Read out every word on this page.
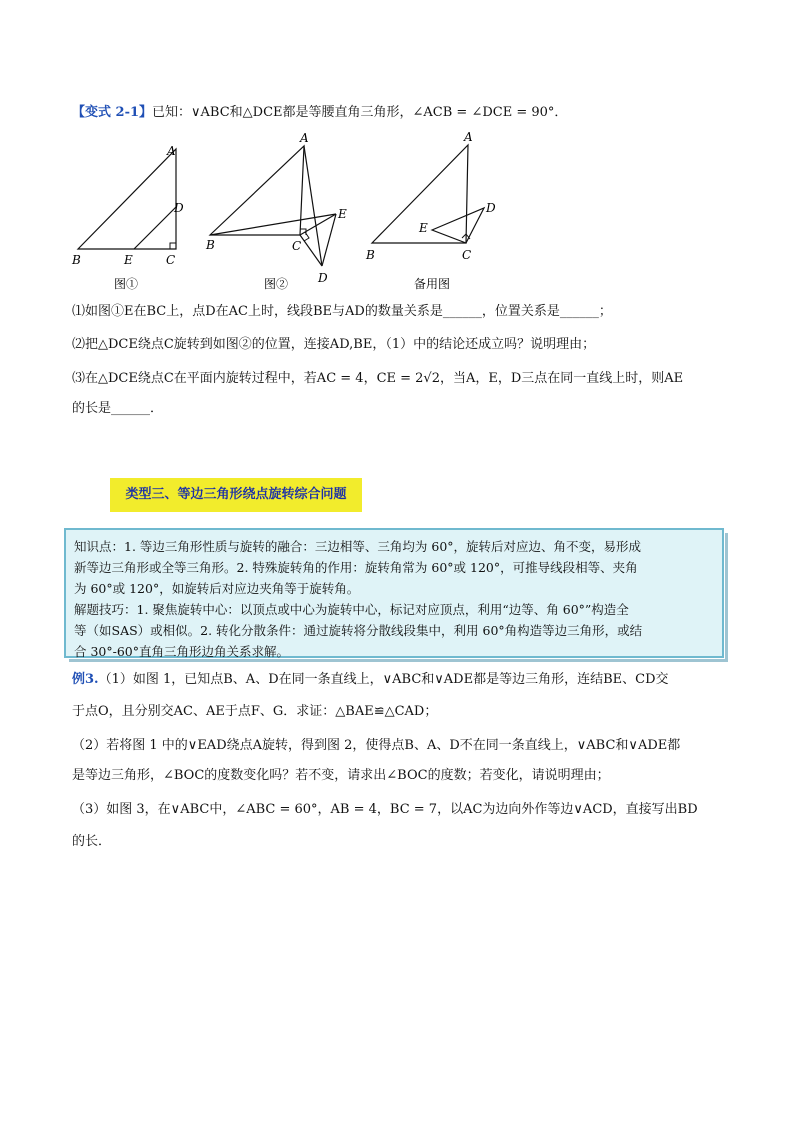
【变式 2-1】已知：∨ABC和△DCE都是等腰直角三角形，∠ACB = ∠DCE = 90°．
A
B	C
D
E
图①
A
B	C
E
D
图②
A
B	C
D
E
备用图
⑴如图①E在BC上，点D在AC上时，线段BE与AD的数量关系是______，位置关系是______；
⑵把△DCE绕点C旋转到如图②的位置，连接AD,BE，（1）中的结论还成立吗？说明理由；
⑶在△DCE绕点C在平面内旋转过程中，若AC = 4，CE = 2√2，当A，E，D三点在同一直线上时，则AE
的长是______．
类型三、等边三角形绕点旋转综合问题

知识点：1. 等边三角形性质与旋转的融合：三边相等、三角均为 60°，旋转后对应边、角不变，易形成

新等边三角形或全等三角形。2. 特殊旋转角的作用：旋转角常为 60°或 120°，可推导线段相等、夹角

为 60°或 120°，如旋转后对应边夹角等于旋转角。

解题技巧：1. 聚焦旋转中心：以顶点或中心为旋转中心，标记对应顶点，利用“边等、角 60°”构造全

等（如SAS）或相似。2. 转化分散条件：通过旋转将分散线段集中，利用 60°角构造等边三角形，或结

合 30°-60°直角三角形边角关系求解。

例3.（1）如图 1，已知点B、A、D在同一条直线上，∨ABC和∨ADE都是等边三角形，连结BE、CD交
于点O，且分别交AC、AE于点F、G．求证：△BAE≌△CAD；
（2）若将图 1 中的∨EAD绕点A旋转，得到图 2，使得点B、A、D不在同一条直线上，∨ABC和∨ADE都
是等边三角形，∠BOC的度数变化吗？若不变，请求出∠BOC的度数；若变化，请说明理由；
（3）如图 3，在∨ABC中，∠ABC = 60°，AB = 4，BC = 7，以AC为边向外作等边∨ACD，直接写出BD
的长．
